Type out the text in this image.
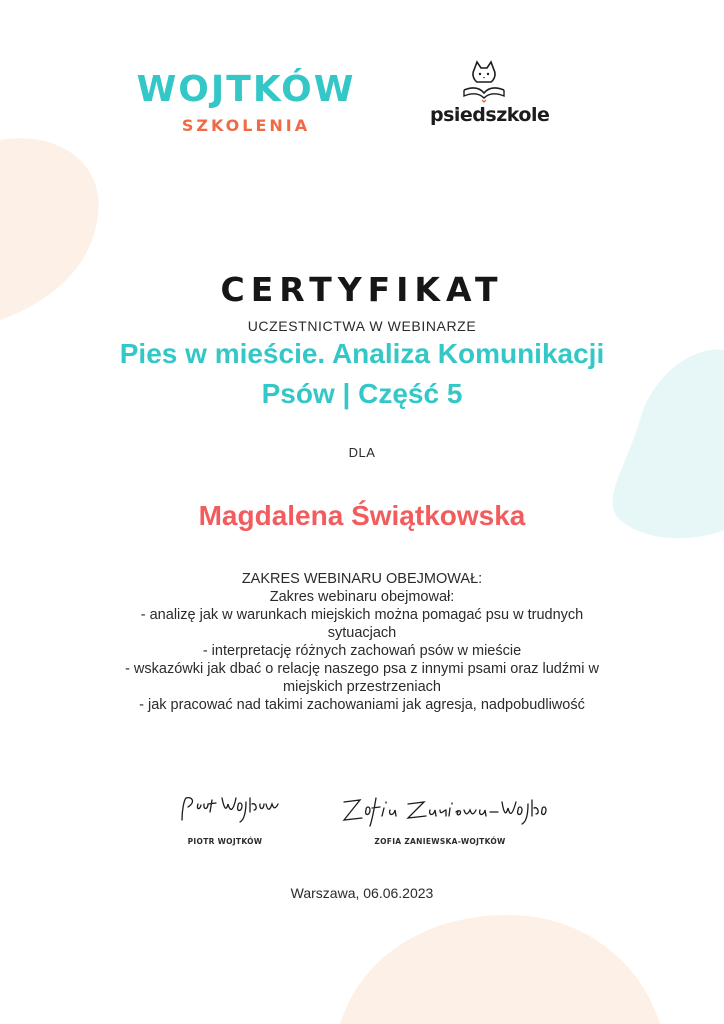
WOJTKÓW
SZKOLENIA	psiedszkole
CERTYFIKAT
UCZESTNICTWA W WEBINARZE
Pies w mieście. Analiza Komunikacji
Psów | Część 5
DLA
Magdalena Świątkowska
ZAKRES WEBINARU OBEJMOWAŁ:
Zakres webinaru obejmował:
- analizę jak w warunkach miejskich można pomagać psu w trudnych
sytuacjach
- interpretację różnych zachowań psów w mieście
- wskazówki jak dbać o relację naszego psa z innymi psami oraz ludźmi w
miejskich przestrzeniach
- jak pracować nad takimi zachowaniami jak agresja, nadpobudliwość
PIOTR WOJTKÓW	ZOFIA ZANIEWSKA-WOJTKÓW
Warszawa, 06.06.2023
